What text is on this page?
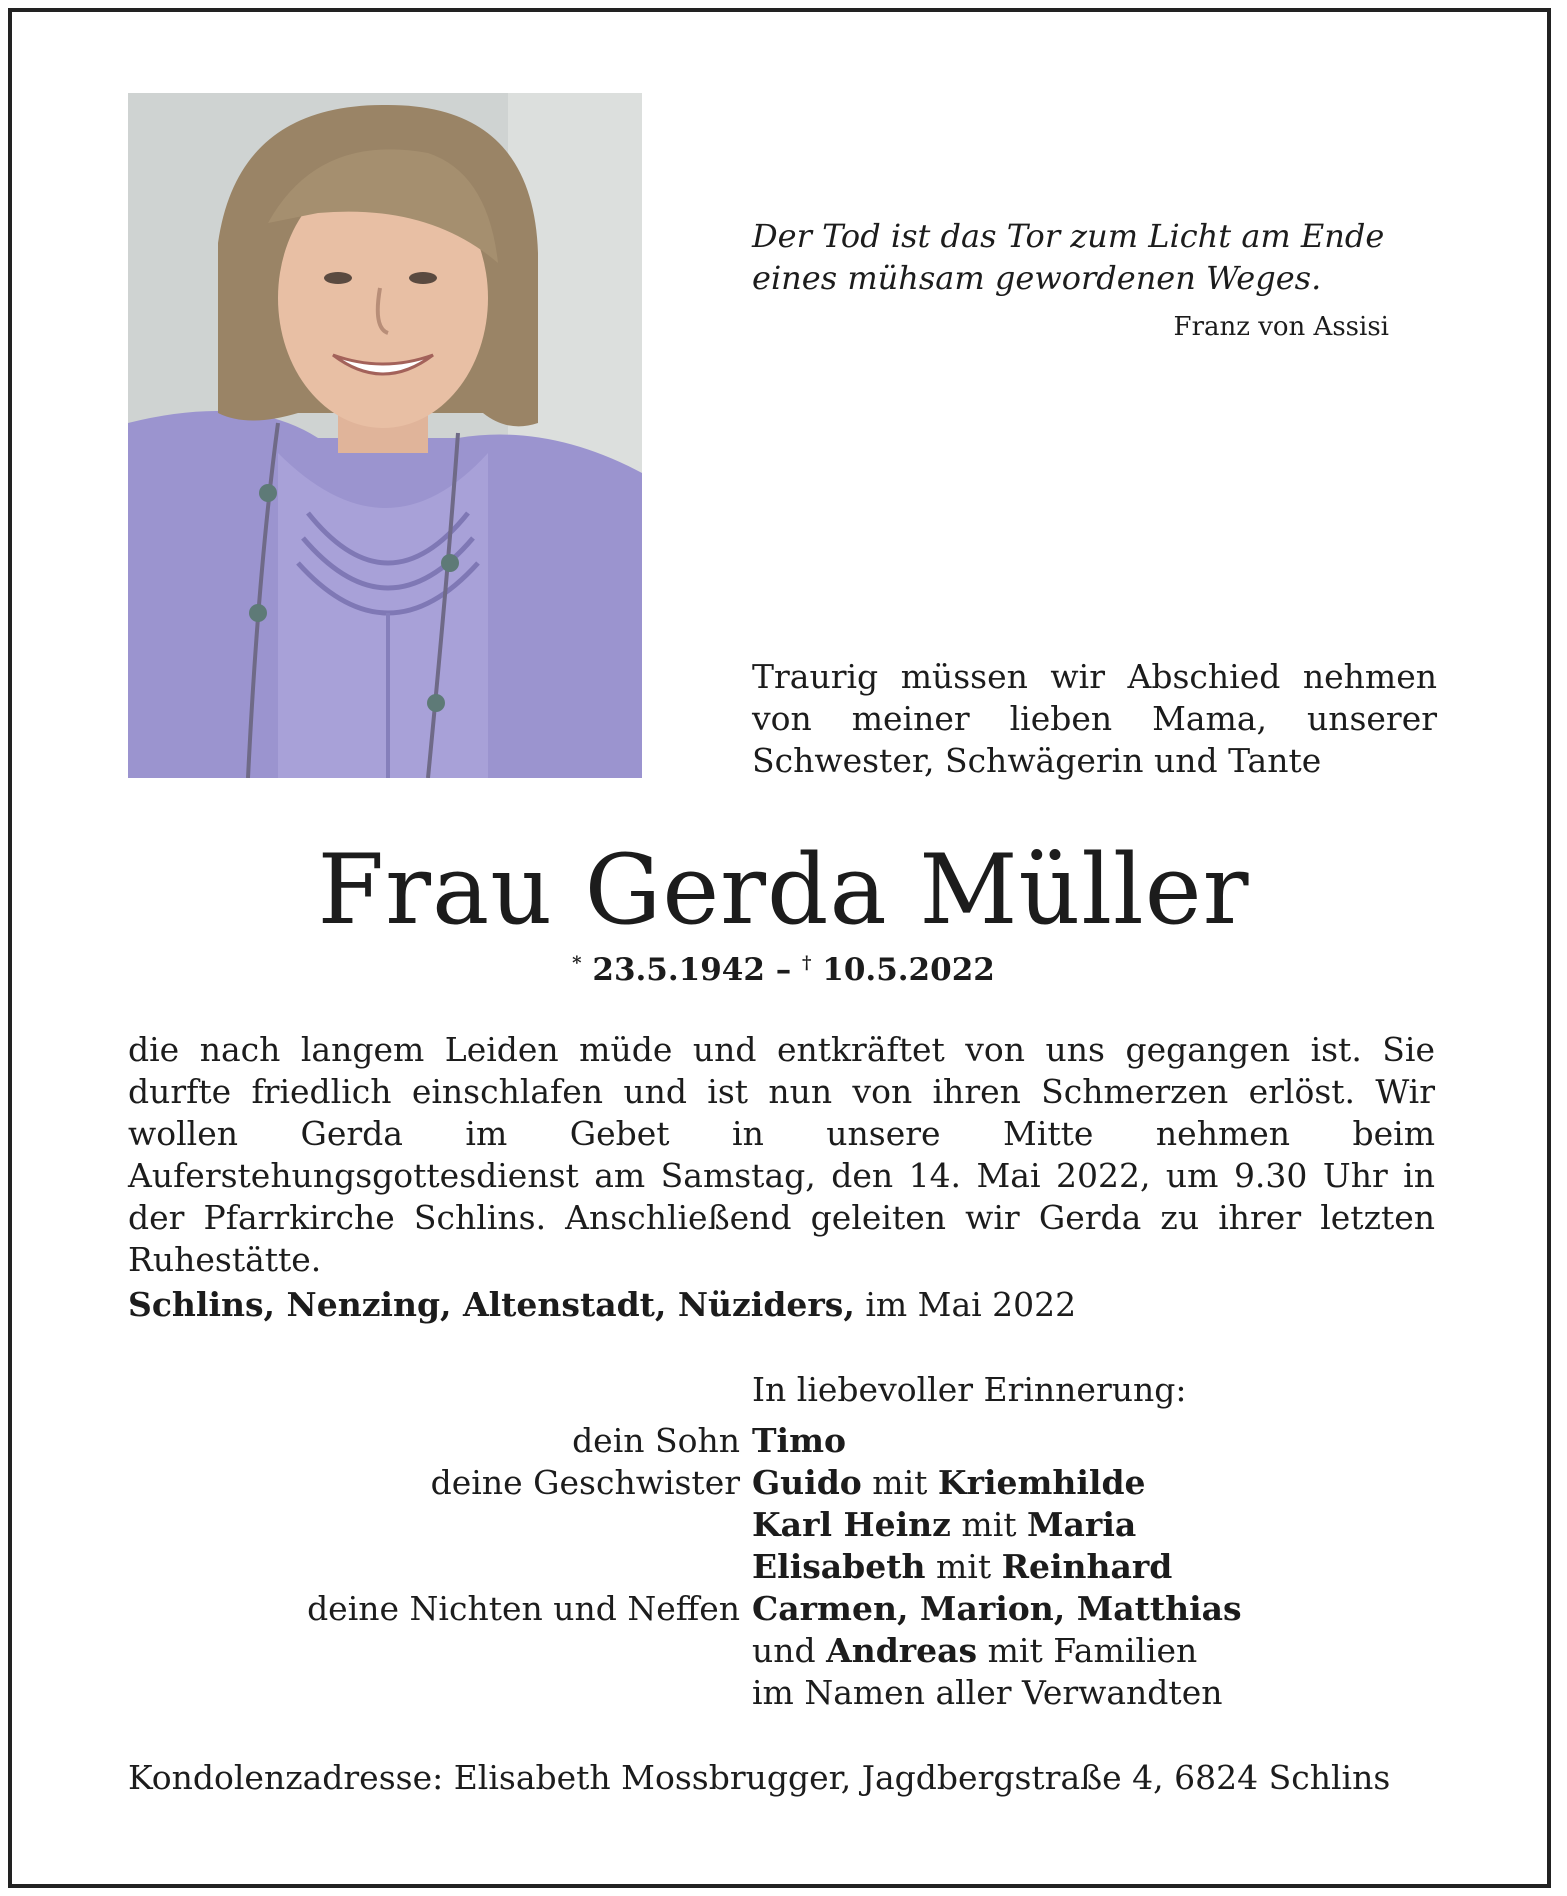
Der Tod ist das Tor zum Licht am Ende
eines mühsam gewordenen Weges.
Franz von Assisi
Traurig müssen wir Abschied nehmen von meiner lieben Mama, unserer Schwester, Schwägerin und Tante
Frau Gerda Müller
* 23.5.1942 – † 10.5.2022
die nach langem Leiden müde und entkräftet von uns gegangen ist. Sie durfte friedlich einschlafen und ist nun von ihren Schmerzen erlöst. Wir wollen Gerda im Gebet in unsere Mitte nehmen beim Auferstehungsgottesdienst am Samstag, den 14. Mai 2022, um 9.30 Uhr in der Pfarrkirche Schlins. Anschließend geleiten wir Gerda zu ihrer letzten Ruhestätte.
Schlins, Nenzing, Altenstadt, Nüziders, im Mai 2022
In liebevoller Erinnerung:
dein Sohn Timo
deine Geschwister Guido mit Kriemhilde
Karl Heinz mit Maria
Elisabeth mit Reinhard
deine Nichten und Neffen Carmen, Marion, Matthias
und Andreas mit Familien
im Namen aller Verwandten
Kondolenzadresse: Elisabeth Mossbrugger, Jagdbergstraße 4, 6824 Schlins
